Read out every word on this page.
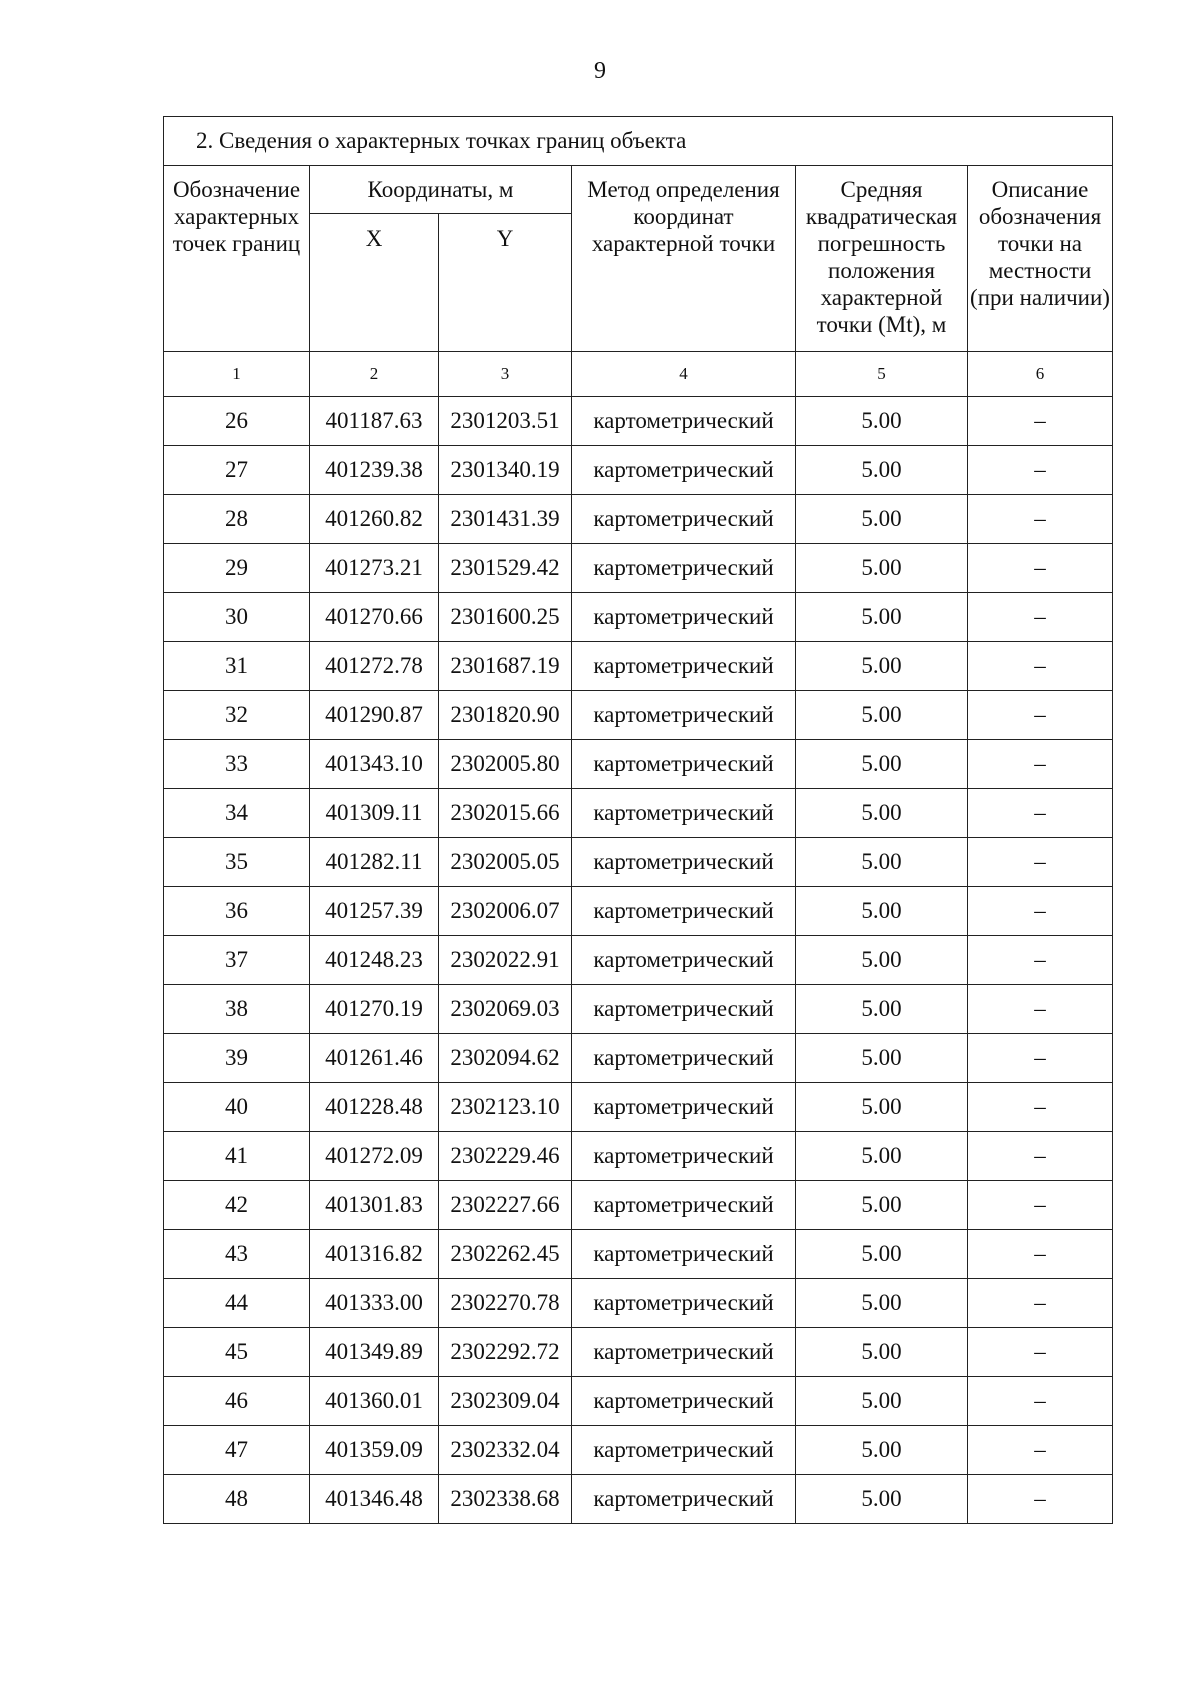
9
2. Сведения о характерных точках границ объекта					
Обозначение характерных точек границ	Координаты, м		Метод определения координат характерной точки	Средняя квадратическая погрешность положения характерной точки (Mt), м	Описание обозначения точки на местности (при наличии)
	X	Y			
1	2	3	4	5	6
26	401187.63	2301203.51	картометрический	5.00	–
27	401239.38	2301340.19	картометрический	5.00	–
28	401260.82	2301431.39	картометрический	5.00	–
29	401273.21	2301529.42	картометрический	5.00	–
30	401270.66	2301600.25	картометрический	5.00	–
31	401272.78	2301687.19	картометрический	5.00	–
32	401290.87	2301820.90	картометрический	5.00	–
33	401343.10	2302005.80	картометрический	5.00	–
34	401309.11	2302015.66	картометрический	5.00	–
35	401282.11	2302005.05	картометрический	5.00	–
36	401257.39	2302006.07	картометрический	5.00	–
37	401248.23	2302022.91	картометрический	5.00	–
38	401270.19	2302069.03	картометрический	5.00	–
39	401261.46	2302094.62	картометрический	5.00	–
40	401228.48	2302123.10	картометрический	5.00	–
41	401272.09	2302229.46	картометрический	5.00	–
42	401301.83	2302227.66	картометрический	5.00	–
43	401316.82	2302262.45	картометрический	5.00	–
44	401333.00	2302270.78	картометрический	5.00	–
45	401349.89	2302292.72	картометрический	5.00	–
46	401360.01	2302309.04	картометрический	5.00	–
47	401359.09	2302332.04	картометрический	5.00	–
48	401346.48	2302338.68	картометрический	5.00	–
